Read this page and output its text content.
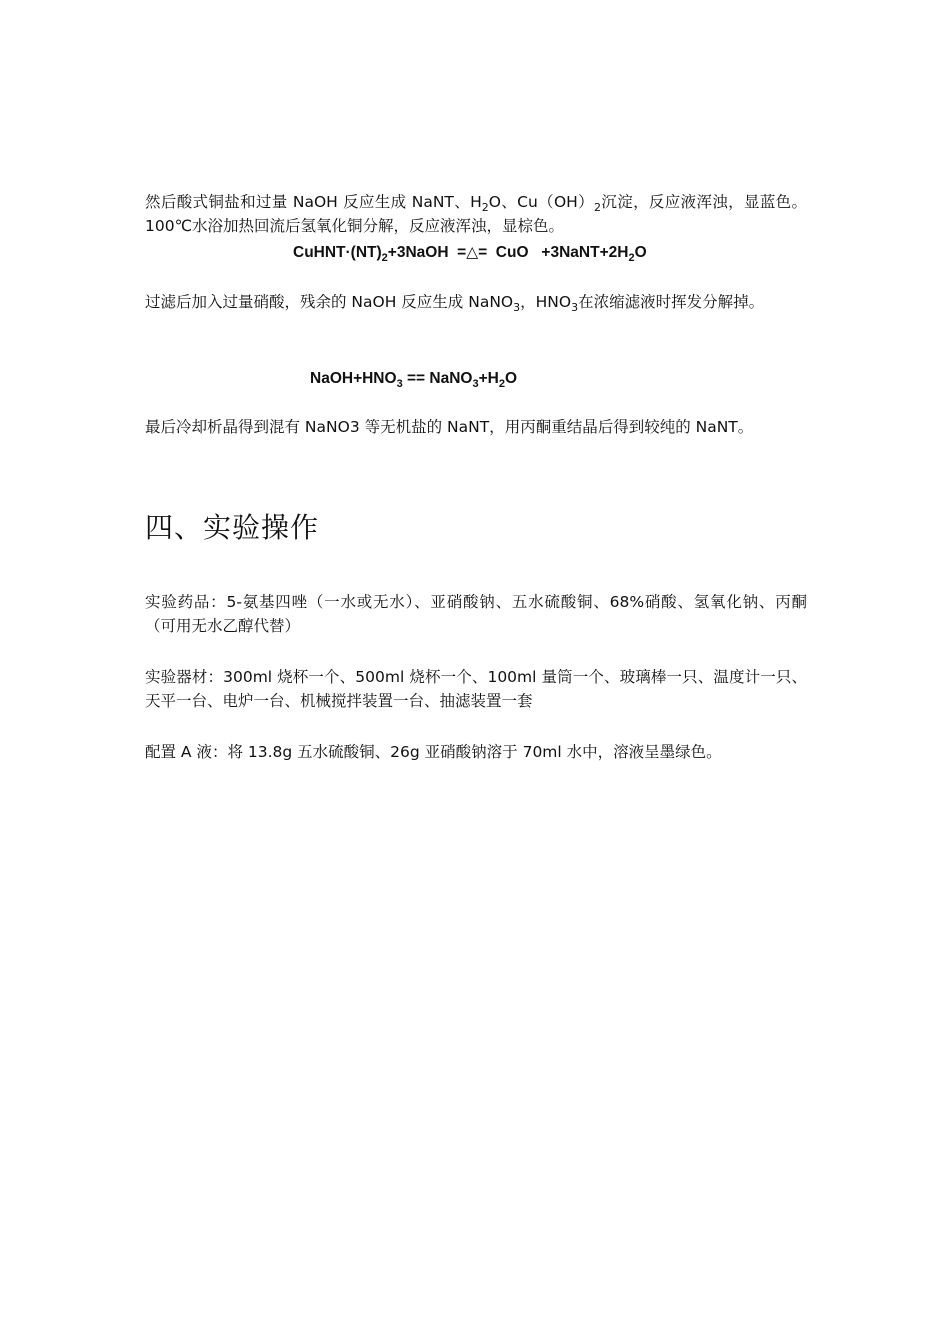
然后酸式铜盐和过量 NaOH 反应生成 NaNT、$H_2O$、$Cu(OH)_2$沉淀，反应液浑浊，显蓝色。100℃水浴加热回流后氢氧化铜分解，反应液浑浊，显棕色。

$CuHNT\cdot(NT)_2+3NaOH$  =△=  CuO   $+3NaNT+2H_2O$

过滤后加入过量硝酸，残余的 NaOH 反应生成 NaNO$_3$，$HNO_3$在浓缩滤液时挥发分解掉。

$NaOH+HNO_3$ == $NaNO_3+H_2O$

最后冷却析晶得到混有 NaNO3 等无机盐的 NaNT，用丙酮重结晶后得到较纯的 NaNT。

四、实验操作

实验药品：5‑氨基四唑（一水或无水）、亚硝酸钠、五水硫酸铜、68%硝酸、氢氧化钠、丙酮（可用无水乙醇代替）

实验器材：300ml 烧杯一个、500ml 烧杯一个、100ml 量筒一个、玻璃棒一只、温度计一只、天平一台、电炉一台、机械搅拌装置一台、抽滤装置一套

配置 A 液：将 13.8g 五水硫酸铜、26g 亚硝酸钠溶于 70ml 水中，溶液呈墨绿色。
